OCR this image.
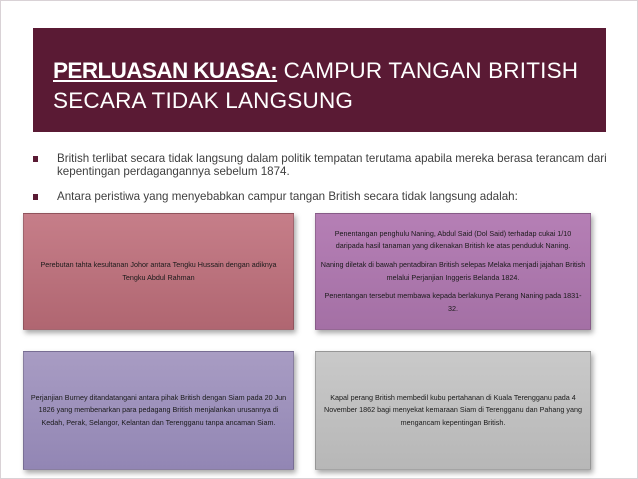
PERLUASAN KUASA: CAMPUR TANGAN BRITISH
SECARA TIDAK LANGSUNG
British terlibat secara tidak langsung dalam politik tempatan terutama apabila mereka berasa terancam dari kepentingan perdagangannya sebelum 1874.
Antara peristiwa yang menyebabkan campur tangan British secara tidak langsung adalah:

Perebutan tahta kesultanan Johor antara Tengku Hussain dengan adiknya Tengku Abdul Rahman

Penentangan penghulu Naning, Abdul Said (Dol Said) terhadap cukai 1/10 daripada hasil tanaman yang dikenakan British ke atas penduduk Naning.

Naning diletak di bawah pentadbiran British selepas Melaka menjadi jajahan British melalui Perjanjian Inggeris Belanda 1824.

Penentangan tersebut membawa kepada berlakunya Perang Naning pada 1831-32.

Perjanjian Burney ditandatangani antara pihak British dengan Siam pada 20 Jun 1826 yang membenarkan para pedagang British menjalankan urusannya di Kedah, Perak, Selangor, Kelantan dan Terengganu tanpa ancaman Siam.

Kapal perang British membedil kubu pertahanan di Kuala Terengganu pada 4 November 1862 bagi menyekat kemaraan Siam di Terengganu dan Pahang yang mengancam kepentingan British.
